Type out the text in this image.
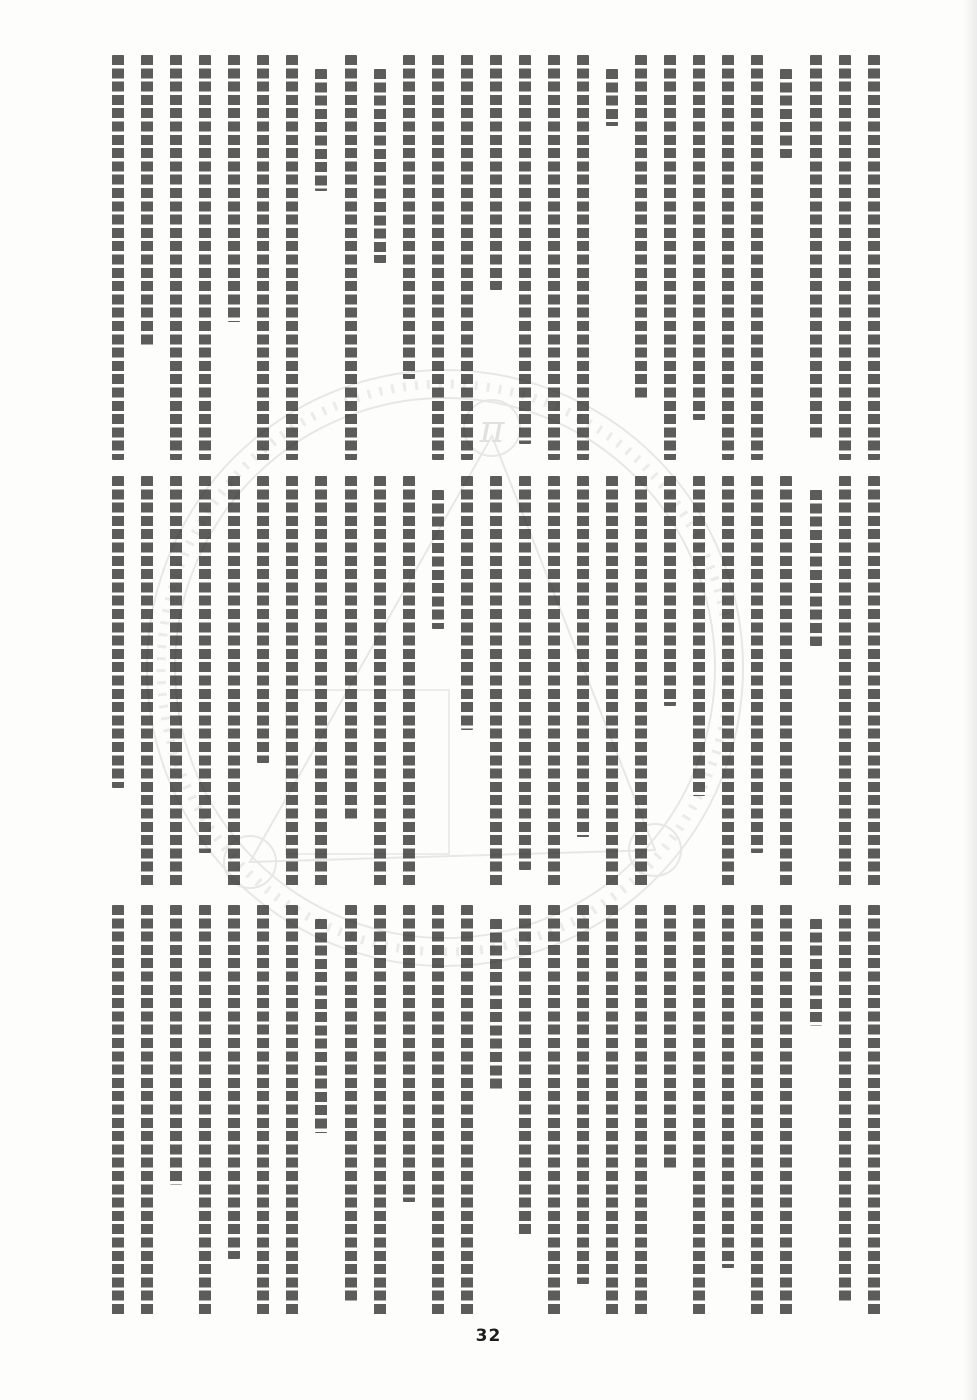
π
32
